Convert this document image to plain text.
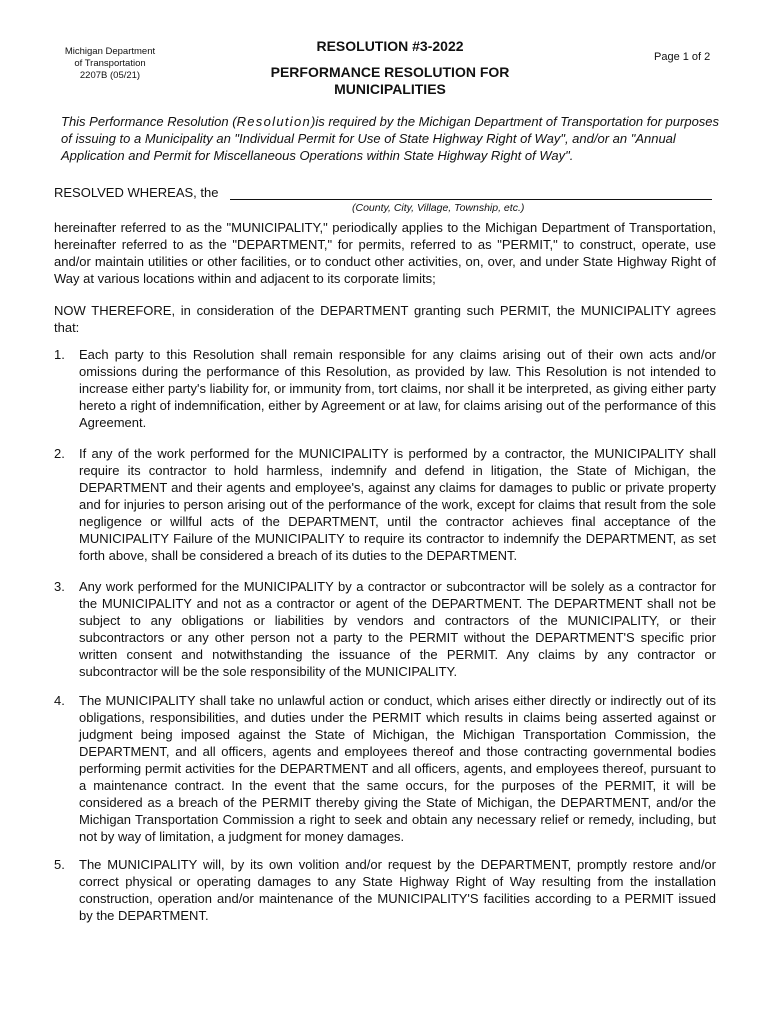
Michigan Department
of Transportation
2207B (05/21)
RESOLUTION #3-2022
PERFORMANCE RESOLUTION FOR
MUNICIPALITIES
Page 1 of 2
This Performance Resolution (Resolution)is required by the Michigan Department of Transportation for purposes of issuing to a Municipality an "Individual Permit for Use of State Highway Right of Way", and/or an "Annual Application and Permit for Miscellaneous Operations within State Highway Right of Way".
RESOLVED WHEREAS, the
(County, City, Village, Township, etc.)
hereinafter referred to as the "MUNICIPALITY," periodically applies to the Michigan Department of Transportation, hereinafter referred to as the "DEPARTMENT," for permits, referred to as "PERMIT," to construct, operate, use and/or maintain utilities or other facilities, or to conduct other activities, on, over, and under State Highway Right of Way at various locations within and adjacent to its corporate limits;
NOW THEREFORE, in consideration of the DEPARTMENT granting such PERMIT, the MUNICIPALITY agrees that:
1.	Each party to this Resolution shall remain responsible for any claims arising out of their own acts and/or omissions during the performance of this Resolution, as provided by law. This Resolution is not intended to increase either party's liability for, or immunity from, tort claims, nor shall it be interpreted, as giving either party hereto a right of indemnification, either by Agreement or at law, for claims arising out of the performance of this Agreement.
2.	If any of the work performed for the MUNICIPALITY is performed by a contractor, the MUNICIPALITY shall require its contractor to hold harmless, indemnify and defend in litigation, the State of Michigan, the DEPARTMENT and their agents and employee's, against any claims for damages to public or private property and for injuries to person arising out of the performance of the work, except for claims that result from the sole negligence or willful acts of the DEPARTMENT, until the contractor achieves final acceptance of the MUNICIPALITY Failure of the MUNICIPALITY to require its contractor to indemnify the DEPARTMENT, as set forth above, shall be considered a breach of its duties to the DEPARTMENT.
3.	Any work performed for the MUNICIPALITY by a contractor or subcontractor will be solely as a contractor for the MUNICIPALITY and not as a contractor or agent of the DEPARTMENT. The DEPARTMENT shall not be subject to any obligations or liabilities by vendors and contractors of the MUNICIPALITY, or their subcontractors or any other person not a party to the PERMIT without the DEPARTMENT'S specific prior written consent and notwithstanding the issuance of the PERMIT. Any claims by any contractor or subcontractor will be the sole responsibility of the MUNICIPALITY.
4.	The MUNICIPALITY shall take no unlawful action or conduct, which arises either directly or indirectly out of its obligations, responsibilities, and duties under the PERMIT which results in claims being asserted against or judgment being imposed against the State of Michigan, the Michigan Transportation Commission, the DEPARTMENT, and all officers, agents and employees thereof and those contracting governmental bodies performing permit activities for the DEPARTMENT and all officers, agents, and employees thereof, pursuant to a maintenance contract. In the event that the same occurs, for the purposes of the PERMIT, it will be considered as a breach of the PERMIT thereby giving the State of Michigan, the DEPARTMENT, and/or the Michigan Transportation Commission a right to seek and obtain any necessary relief or remedy, including, but not by way of limitation, a judgment for money damages.
5.	The MUNICIPALITY will, by its own volition and/or request by the DEPARTMENT, promptly restore and/or correct physical or operating damages to any State Highway Right of Way resulting from the installation construction, operation and/or maintenance of the MUNICIPALITY'S facilities according to a PERMIT issued by the DEPARTMENT.
